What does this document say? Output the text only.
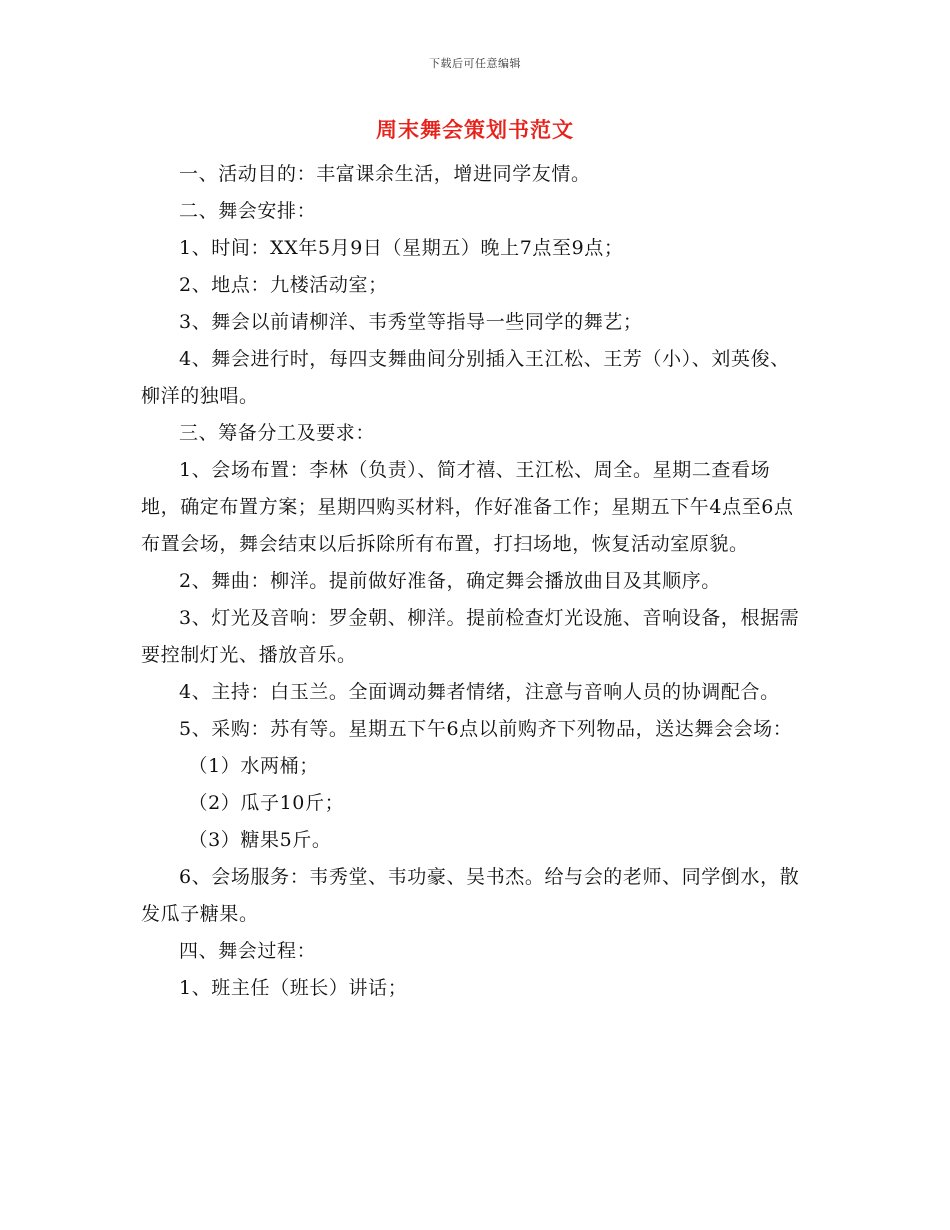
下载后可任意编辑
周末舞会策划书范文

一、活动目的：丰富课余生活，增进同学友情。

二、舞会安排：

1、时间：XX年5月9日（星期五）晚上7点至9点；

2、地点：九楼活动室；

3、舞会以前请柳洋、韦秀堂等指导一些同学的舞艺；

4、舞会进行时，每四支舞曲间分别插入王江松、王芳（小）、刘英俊、柳洋的独唱。

三、筹备分工及要求：

1、会场布置：李林（负责）、简才禧、王江松、周全。星期二查看场地，确定布置方案；星期四购买材料，作好准备工作；星期五下午4点至6点布置会场，舞会结束以后拆除所有布置，打扫场地，恢复活动室原貌。

2、舞曲：柳洋。提前做好准备，确定舞会播放曲目及其顺序。

3、灯光及音响：罗金朝、柳洋。提前检查灯光设施、音响设备，根据需要控制灯光、播放音乐。

4、主持：白玉兰。全面调动舞者情绪，注意与音响人员的协调配合。

5、采购：苏有等。星期五下午6点以前购齐下列物品，送达舞会会场：

（1）水两桶；

（2）瓜子10斤；

（3）糖果5斤。

6、会场服务：韦秀堂、韦功豪、吴书杰。给与会的老师、同学倒水，散发瓜子糖果。

四、舞会过程：

1、班主任（班长）讲话；
